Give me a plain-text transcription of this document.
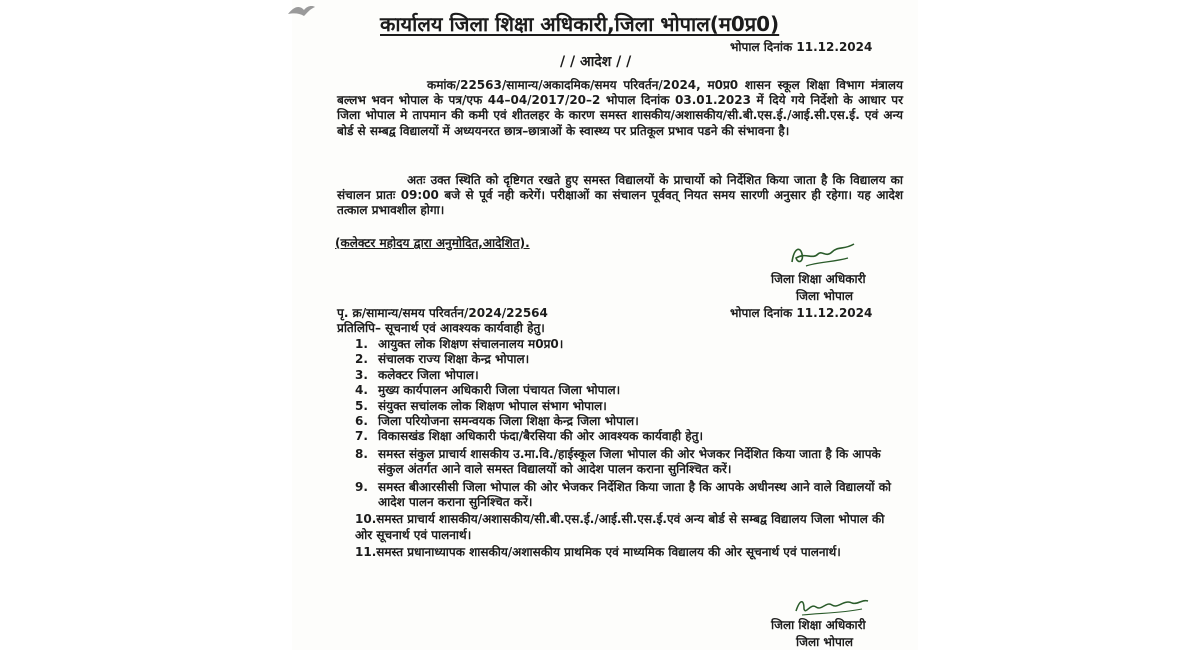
कार्यालय जिला शिक्षा अधिकारी,जिला भोपाल(म0प्र0)
भोपाल दिनांक 11.12.2024
/ / आदेश / /
कमांक/22563/सामान्य/अकादमिक/समय परिवर्तन/2024, म0प्र0 शासन स्कूल शिक्षा विभाग मंत्रालय बल्लभ भवन भोपाल के पत्र/एफ 44–04/2017/20–2 भोपाल दिनांक 03.01.2023 में दिये गये निर्देशो के आधार पर जिला भोपाल मे तापमान की कमी एवं शीतलहर के कारण समस्त शासकीय/अशासकीय/सी.बी.एस.ई./आई.सी.एस.ई. एवं अन्य बोर्ड से सम्बद्व विद्यालयों में अध्ययनरत छात्र–छात्राओं के स्वास्थ्य पर प्रतिकूल प्रभाव पडने की संभावना है।
अतः उक्त स्थिति को दृष्टिगत रखते हुए समस्त विद्यालयों के प्राचार्यो को निर्देशित किया जाता है कि विद्यालय का संचालन प्रातः 09:00 बजे से पूर्व नही करेगें। परीक्षाओं का संचालन पूर्ववत् नियत समय सारणी अनुसार ही रहेगा। यह आदेश तत्काल प्रभावशील होगा।
(कलेक्टर महोदय द्वारा अनुमोदित,आदेशित).
जिला शिक्षा अधिकारी
जिला भोपाल
पृ. क्र/सामान्य/समय परिवर्तन/2024/22564	भोपाल दिनांक 11.12.2024
प्रतिलिपि– सूचनार्थ एवं आवश्यक कार्यवाही हेतु।
1. आयुक्त लोक शिक्षण संचालनालय म0प्र0।
2. संचालक राज्य शिक्षा केन्द्र भोपाल।
3. कलेक्टर जिला भोपाल।
4. मुख्य कार्यपालन अधिकारी जिला पंचायत जिला भोपाल।
5. संयुक्त सचांलक लोक शिक्षण भोपाल संभाग भोपाल।
6. जिला परियोजना समन्वयक जिला शिक्षा केन्द्र जिला भोपाल।
7. विकासखंड शिक्षा अधिकारी फंदा/बैरसिया की ओर आवश्यक कार्यवाही हेतु।
8. समस्त संकुल प्राचार्य शासकीय उ.मा.वि./हाईस्कूल जिला भोपाल की ओर भेजकर निर्देशित किया जाता है कि आपके संकुल अंतर्गत आने वाले समस्त विद्यालयों को आदेश पालन कराना सुनिश्चित करें।
9. समस्त बीआरसीसी जिला भोपाल की ओर भेजकर निर्देशित किया जाता है कि आपके अधीनस्थ आने वाले विद्यालयों को आदेश पालन कराना सुनिश्चित करें।
10.समस्त प्राचार्य शासकीय/अशासकीय/सी.बी.एस.ई./आई.सी.एस.ई.एवं अन्य बोर्ड से सम्बद्व विद्यालय जिला भोपाल की ओर सूचनार्थ एवं पालनार्थ।
11.समस्त प्रधानाध्यापक शासकीय/अशासकीय प्राथमिक एवं माध्यमिक विद्यालय की ओर सूचनार्थ एवं पालनार्थ।
जिला शिक्षा अधिकारी
जिला भोपाल
